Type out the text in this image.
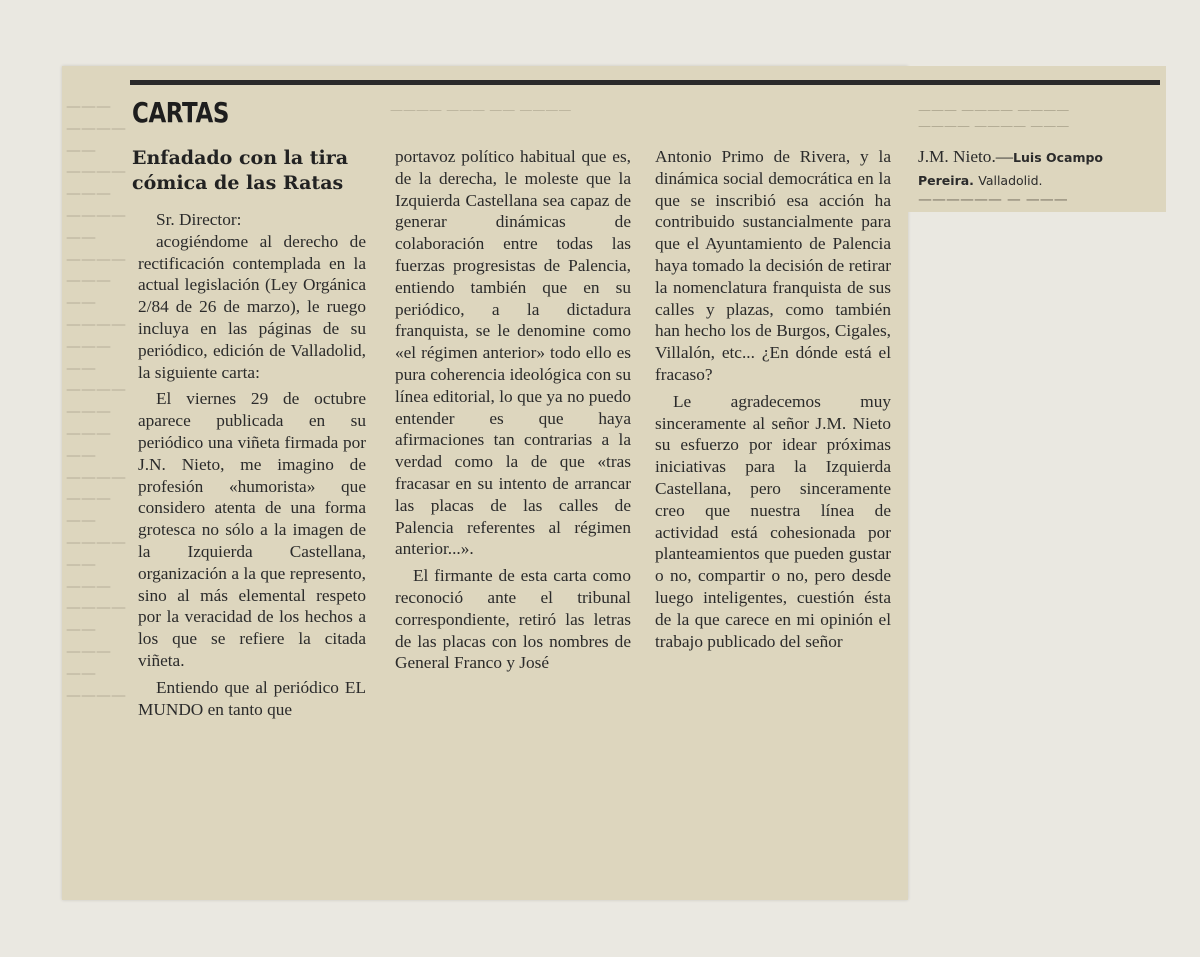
———
————
——
————
———
————
——
————
———
——
————
———
——
————
———
———
——
————
———
——
————
——
———
————
——
———
——
————
———— ——— —— ————
———— ———— ———
——— ———— ————
—————— — ———
CARTAS
Enfadado con la tira cómica de las Ratas

Sr. Director:

acogiéndome al derecho de rectificación contemplada en la actual legislación (Ley Orgánica 2/84 de 26 de marzo), le ruego incluya en las páginas de su periódico, edición de Valladolid, la siguiente carta:

El viernes 29 de octubre aparece publicada en su periódico una viñeta firmada por J.N. Nieto, me imagino de profesión «humorista» que considero atenta de una forma grotesca no sólo a la imagen de la Izquierda Castellana, organización a la que represento, sino al más elemental respeto por la veracidad de los hechos a los que se refiere la citada viñeta.

Entiendo que al periódico EL MUNDO en tanto que

portavoz político habitual que es, de la derecha, le moleste que la Izquierda Castellana sea capaz de generar dinámicas de colaboración entre todas las fuerzas progresistas de Palencia, entiendo también que en su periódico, a la dictadura franquista, se le denomine como «el régimen anterior» todo ello es pura coherencia ideológica con su línea editorial, lo que ya no puedo entender es que haya afirmaciones tan contrarias a la verdad como la de que «tras fracasar en su intento de arrancar las placas de las calles de Palencia referentes al régimen anterior...».

El firmante de esta carta como reconoció ante el tribunal correspondiente, retiró las letras de las placas con los nombres de General Franco y José

Antonio Primo de Rivera, y la dinámica social democrática en la que se inscribió esa acción ha contribuido sustancialmente para que el Ayuntamiento de Palencia haya tomado la decisión de retirar la nomenclatura franquista de sus calles y plazas, como también han hecho los de Burgos, Cigales, Villalón, etc... ¿En dónde está el fracaso?

Le agradecemos muy sinceramente al señor J.M. Nieto su esfuerzo por idear próximas iniciativas para la Izquierda Castellana, pero sinceramente creo que nuestra línea de actividad está cohesionada por planteamientos que pueden gustar o no, compartir o no, pero desde luego inteligentes, cuestión ésta de la que carece en mi opinión el trabajo publicado del señor

J.M. Nieto.—Luis Ocampo Pereira. Valladolid.
